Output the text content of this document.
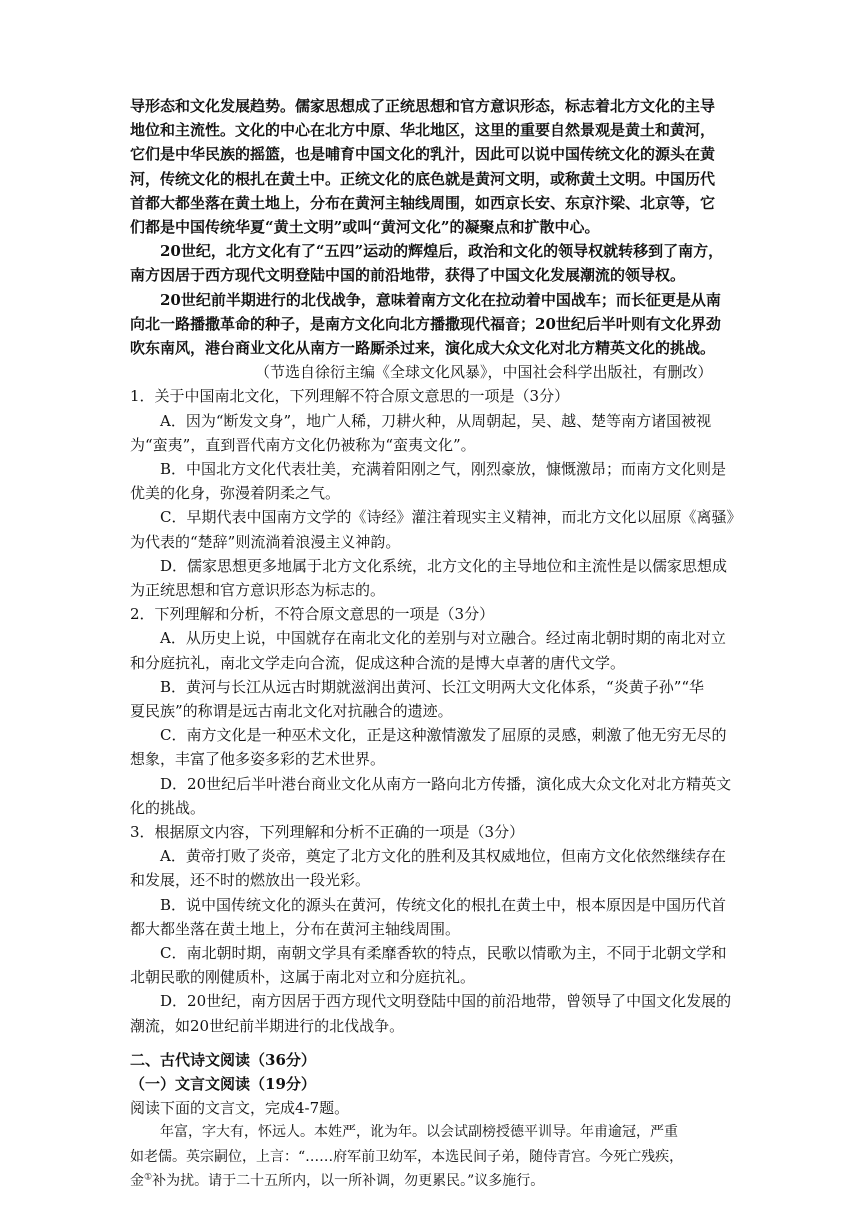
导形态和文化发展趋势。儒家思想成了正统思想和官方意识形态，标志着北方文化的主导
地位和主流性。文化的中心在北方中原、华北地区，这里的重要自然景观是黄土和黄河，
它们是中华民族的摇篮，也是哺育中国文化的乳汁，因此可以说中国传统文化的源头在黄
河，传统文化的根扎在黄土中。正统文化的底色就是黄河文明，或称黄土文明。中国历代
首都大都坐落在黄土地上，分布在黄河主轴线周围，如西京长安、东京汴梁、北京等，它
们都是中国传统华夏“黄土文明”或叫“黄河文化”的凝聚点和扩散中心。
20世纪，北方文化有了“五四”运动的辉煌后，政治和文化的领导权就转移到了南方，
南方因居于西方现代文明登陆中国的前沿地带，获得了中国文化发展潮流的领导权。
20世纪前半期进行的北伐战争，意味着南方文化在拉动着中国战车；而长征更是从南
向北一路播撒革命的种子，是南方文化向北方播撒现代福音；20世纪后半叶则有文化界劲
吹东南风，港台商业文化从南方一路厮杀过来，演化成大众文化对北方精英文化的挑战。
（节选自徐衍主编《全球文化风暴》，中国社会科学出版社，有删改）
1．关于中国南北文化，下列理解不符合原文意思的一项是（3分）
A．因为“断发文身”，地广人稀，刀耕火种，从周朝起，吴、越、楚等南方诸国被视
为“蛮夷”，直到晋代南方文化仍被称为“蛮夷文化”。
B．中国北方文化代表壮美，充满着阳刚之气，刚烈豪放，慷慨激昂；而南方文化则是
优美的化身，弥漫着阴柔之气。
C．早期代表中国南方文学的《诗经》灌注着现实主义精神，而北方文化以屈原《离骚》
为代表的“楚辞”则流淌着浪漫主义神韵。
D．儒家思想更多地属于北方文化系统，北方文化的主导地位和主流性是以儒家思想成
为正统思想和官方意识形态为标志的。
2．下列理解和分析，不符合原文意思的一项是（3分）
A．从历史上说，中国就存在南北文化的差别与对立融合。经过南北朝时期的南北对立
和分庭抗礼，南北文学走向合流，促成这种合流的是博大卓著的唐代文学。
B．黄河与长江从远古时期就滋润出黄河、长江文明两大文化体系，“炎黄子孙”“华
夏民族”的称谓是远古南北文化对抗融合的遗迹。
C．南方文化是一种巫术文化，正是这种激情激发了屈原的灵感，刺激了他无穷无尽的
想象，丰富了他多姿多彩的艺术世界。
D．20世纪后半叶港台商业文化从南方一路向北方传播，演化成大众文化对北方精英文
化的挑战。
3．根据原文内容，下列理解和分析不正确的一项是（3分）
A．黄帝打败了炎帝，奠定了北方文化的胜利及其权威地位，但南方文化依然继续存在
和发展，还不时的燃放出一段光彩。
B．说中国传统文化的源头在黄河，传统文化的根扎在黄土中，根本原因是中国历代首
都大都坐落在黄土地上，分布在黄河主轴线周围。
C．南北朝时期，南朝文学具有柔靡香软的特点，民歌以情歌为主，不同于北朝文学和
北朝民歌的刚健质朴，这属于南北对立和分庭抗礼。
D．20世纪，南方因居于西方现代文明登陆中国的前沿地带，曾领导了中国文化发展的
潮流，如20世纪前半期进行的北伐战争。
二、古代诗文阅读（36分）
（一）文言文阅读（19分）
阅读下面的文言文，完成4-7题。
年富，字大有，怀远人。本姓严，讹为年。以会试副榜授德平训导。年甫逾冠，严重
如老儒。英宗嗣位，上言：“……府军前卫幼军，本选民间子弟，随侍青宫。今死亡残疾，
金①补为扰。请于二十五所内，以一所补调，勿更累民。”议多施行。
